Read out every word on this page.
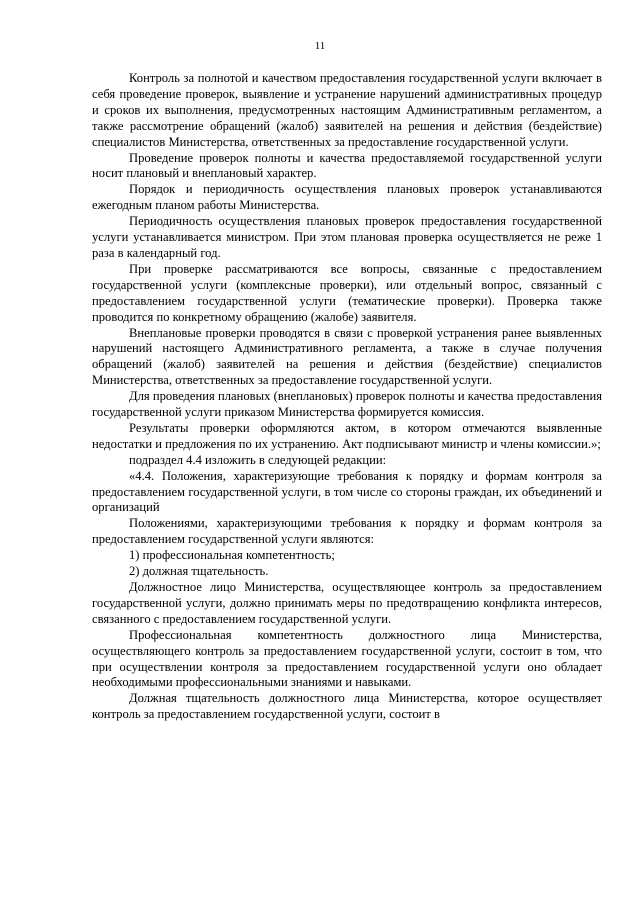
11

Контроль за полнотой и качеством предоставления государственной услуги включает в себя проведение проверок, выявление и устранение нарушений административных процедур и сроков их выполнения, предусмотренных настоящим Административным регламентом, а также рассмотрение обращений (жалоб) заявителей на решения и действия (бездействие) специалистов Министерства, ответственных за предоставление государственной услуги.

Проведение проверок полноты и качества предоставляемой государственной услуги носит плановый и внеплановый характер.

Порядок и периодичность осуществления плановых проверок устанавливаются ежегодным планом работы Министерства.

Периодичность осуществления плановых проверок предоставления государственной услуги устанавливается министром. При этом плановая проверка осуществляется не реже 1 раза в календарный год.

При проверке рассматриваются все вопросы, связанные с предоставлением государственной услуги (комплексные проверки), или отдельный вопрос, связанный с предоставлением государственной услуги (тематические проверки). Проверка также проводится по конкретному обращению (жалобе) заявителя.

Внеплановые проверки проводятся в связи с проверкой устранения ранее выявленных нарушений настоящего Административного регламента, а также в случае получения обращений (жалоб) заявителей на решения и действия (бездействие) специалистов Министерства, ответственных за предоставление государственной услуги.

Для проведения плановых (внеплановых) проверок полноты и качества предоставления государственной услуги приказом Министерства формируется комиссия.

Результаты проверки оформляются актом, в котором отмечаются выявленные недостатки и предложения по их устранению. Акт подписывают министр и члены комиссии.»;

подраздел 4.4 изложить в следующей редакции:

«4.4. Положения, характеризующие требования к порядку и формам контроля за предоставлением государственной услуги, в том числе со стороны граждан, их объединений и организаций

Положениями, характеризующими требования к порядку и формам контроля за предоставлением государственной услуги являются:

1) профессиональная компетентность;

2) должная тщательность.

Должностное лицо Министерства, осуществляющее контроль за предоставлением государственной услуги, должно принимать меры по предотвращению конфликта интересов, связанного с предоставлением государственной услуги.

Профессиональная компетентность должностного лица Министерства, осуществляющего контроль за предоставлением государственной услуги, состоит в том, что при осуществлении контроля за предоставлением государственной услуги оно обладает необходимыми профессиональными знаниями и навыками.

Должная тщательность должностного лица Министерства, которое осуществляет контроль за предоставлением государственной услуги, состоит в
